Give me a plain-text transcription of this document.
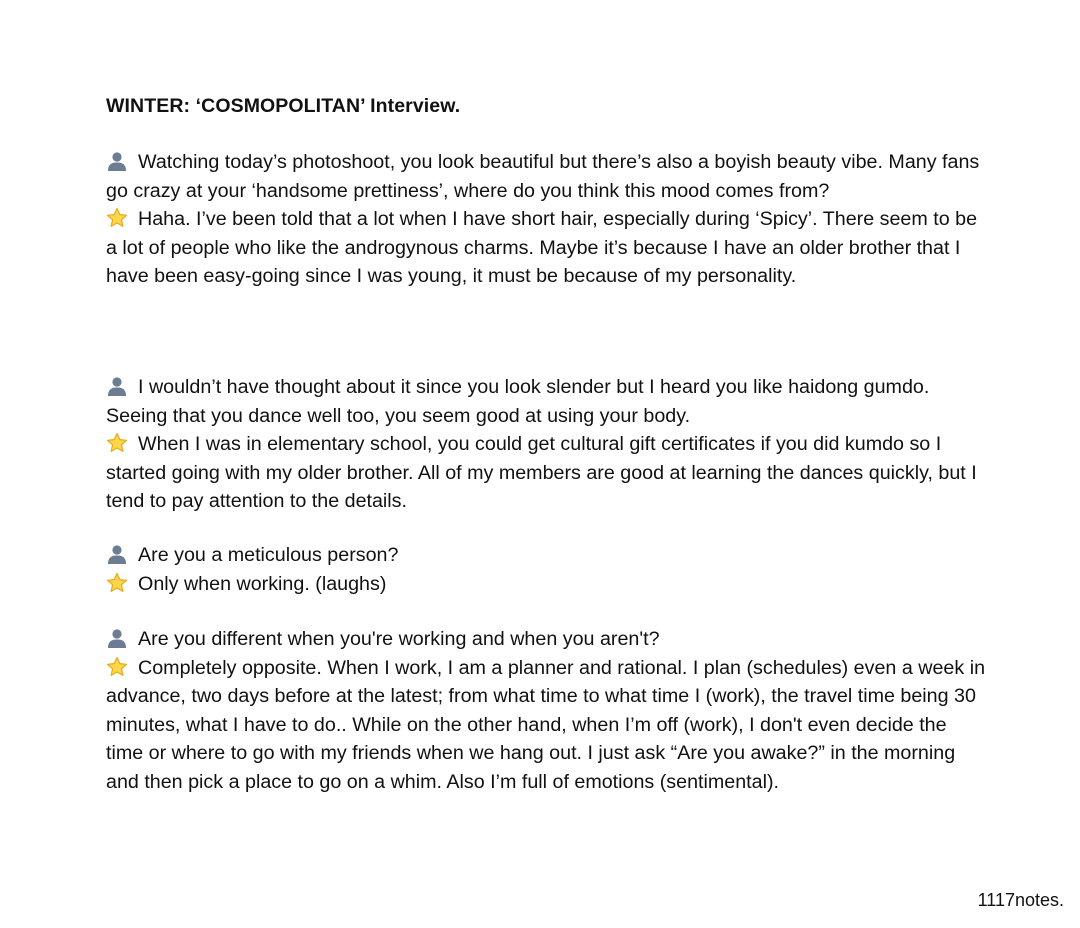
WINTER: ‘COSMOPOLITAN’ Interview.

Watching today’s photoshoot, you look beautiful but there’s also a boyish beauty vibe. Many fans go crazy at your ‘handsome prettiness’, where do you think this mood comes from?

Haha. I’ve been told that a lot when I have short hair, especially during ‘Spicy’. There seem to be a lot of people who like the androgynous charms. Maybe it’s because I have an older brother that I have been easy-going since I was young, it must be because of my personality.

I wouldn’t have thought about it since you look slender but I heard you like haidong gumdo. Seeing that you dance well too, you seem good at using your body.

When I was in elementary school, you could get cultural gift certificates if you did kumdo so I started going with my older brother. All of my members are good at learning the dances quickly, but I tend to pay attention to the details.

Are you a meticulous person?

Only when working. (laughs)

Are you different when you're working and when you aren't?

Completely opposite. When I work, I am a planner and rational. I plan (schedules) even a week in advance, two days before at the latest; from what time to what time I (work), the travel time being 30 minutes, what I have to do.. While on the other hand, when I’m off (work), I don't even decide the time or where to go with my friends when we hang out. I just ask “Are you awake?” in the morning and then pick a place to go on a whim. Also I’m full of emotions (sentimental).

1117notes.
